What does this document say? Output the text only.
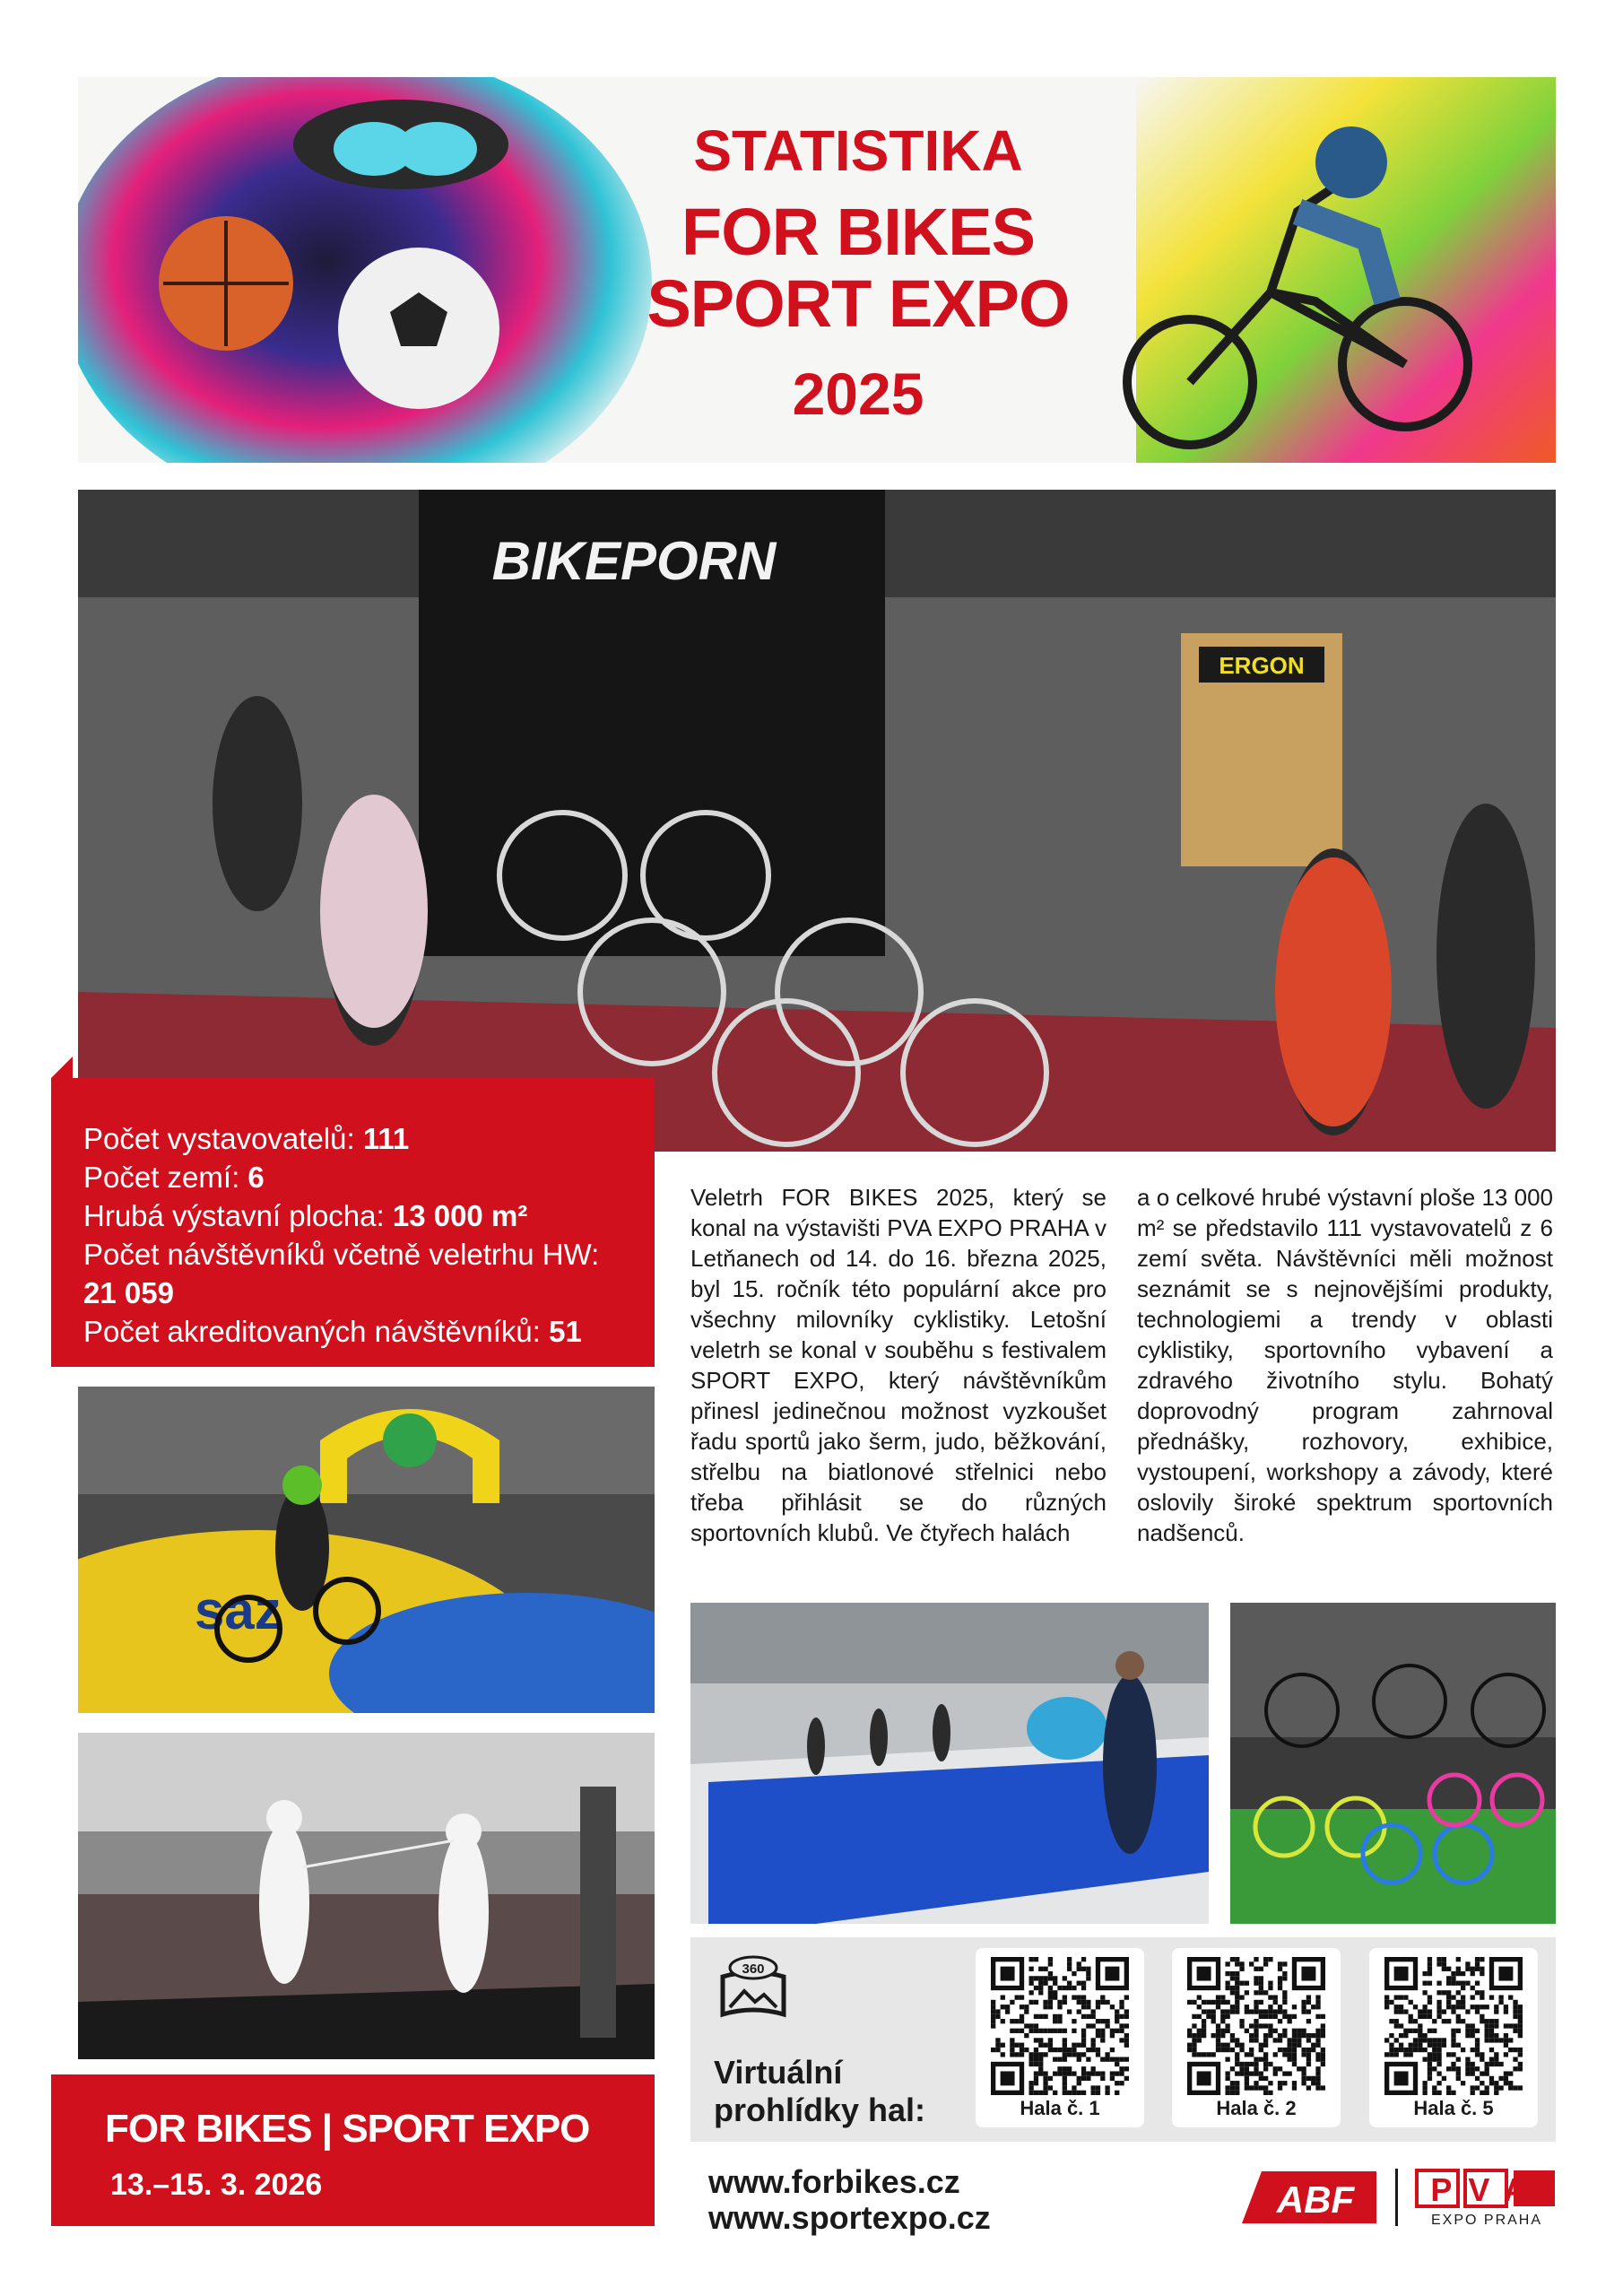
STATISTIKA
FOR BIKES
SPORT EXPO
2025
ERGON
BIKEPORN
Počet vystavovatelů: 111
Počet zemí: 6
Hrubá výstavní plocha: 13 000 m²
Počet návštěvníků včetně veletrhu HW: 21 059
Počet akreditovaných návštěvníků: 51
Veletrh FOR BIKES 2025, který se konal na výstavišti PVA EXPO PRAHA v Letňanech od 14. do 16. března 2025, byl 15. ročník této populární akce pro všechny milovníky cyklistiky. Letošní veletrh se konal v souběhu s festivalem SPORT EXPO, který návštěvníkům přinesl jedinečnou možnost vyzkoušet řadu sportů jako šerm, judo, běžkování, střelbu na biatlonové střelnici nebo třeba přihlásit se do různých sportovních klubů. Ve čtyřech halách
a o celkové hrubé výstavní ploše 13 000 m² se představilo 111 vystavovatelů z 6 zemí světa. Návštěvníci měli možnost seznámit se s nejnovějšími produkty, technologiemi a trendy v oblasti cyklistiky, sportovního vybavení a zdravého životního stylu. Bohatý doprovodný program zahrnoval přednášky, rozhovory, exhibice, vystoupení, workshopy a závody, které oslovily široké spektrum sportovních nadšenců.
saz
360
Virtuální prohlídky hal:	Hala č. 1	Hala č. 2	Hala č. 5
FOR BIKES | SPORT EXPO
13.–15. 3. 2026	www.forbikes.cz
www.sportexpo.cz	ABF PVA
EXPO PRAHA
